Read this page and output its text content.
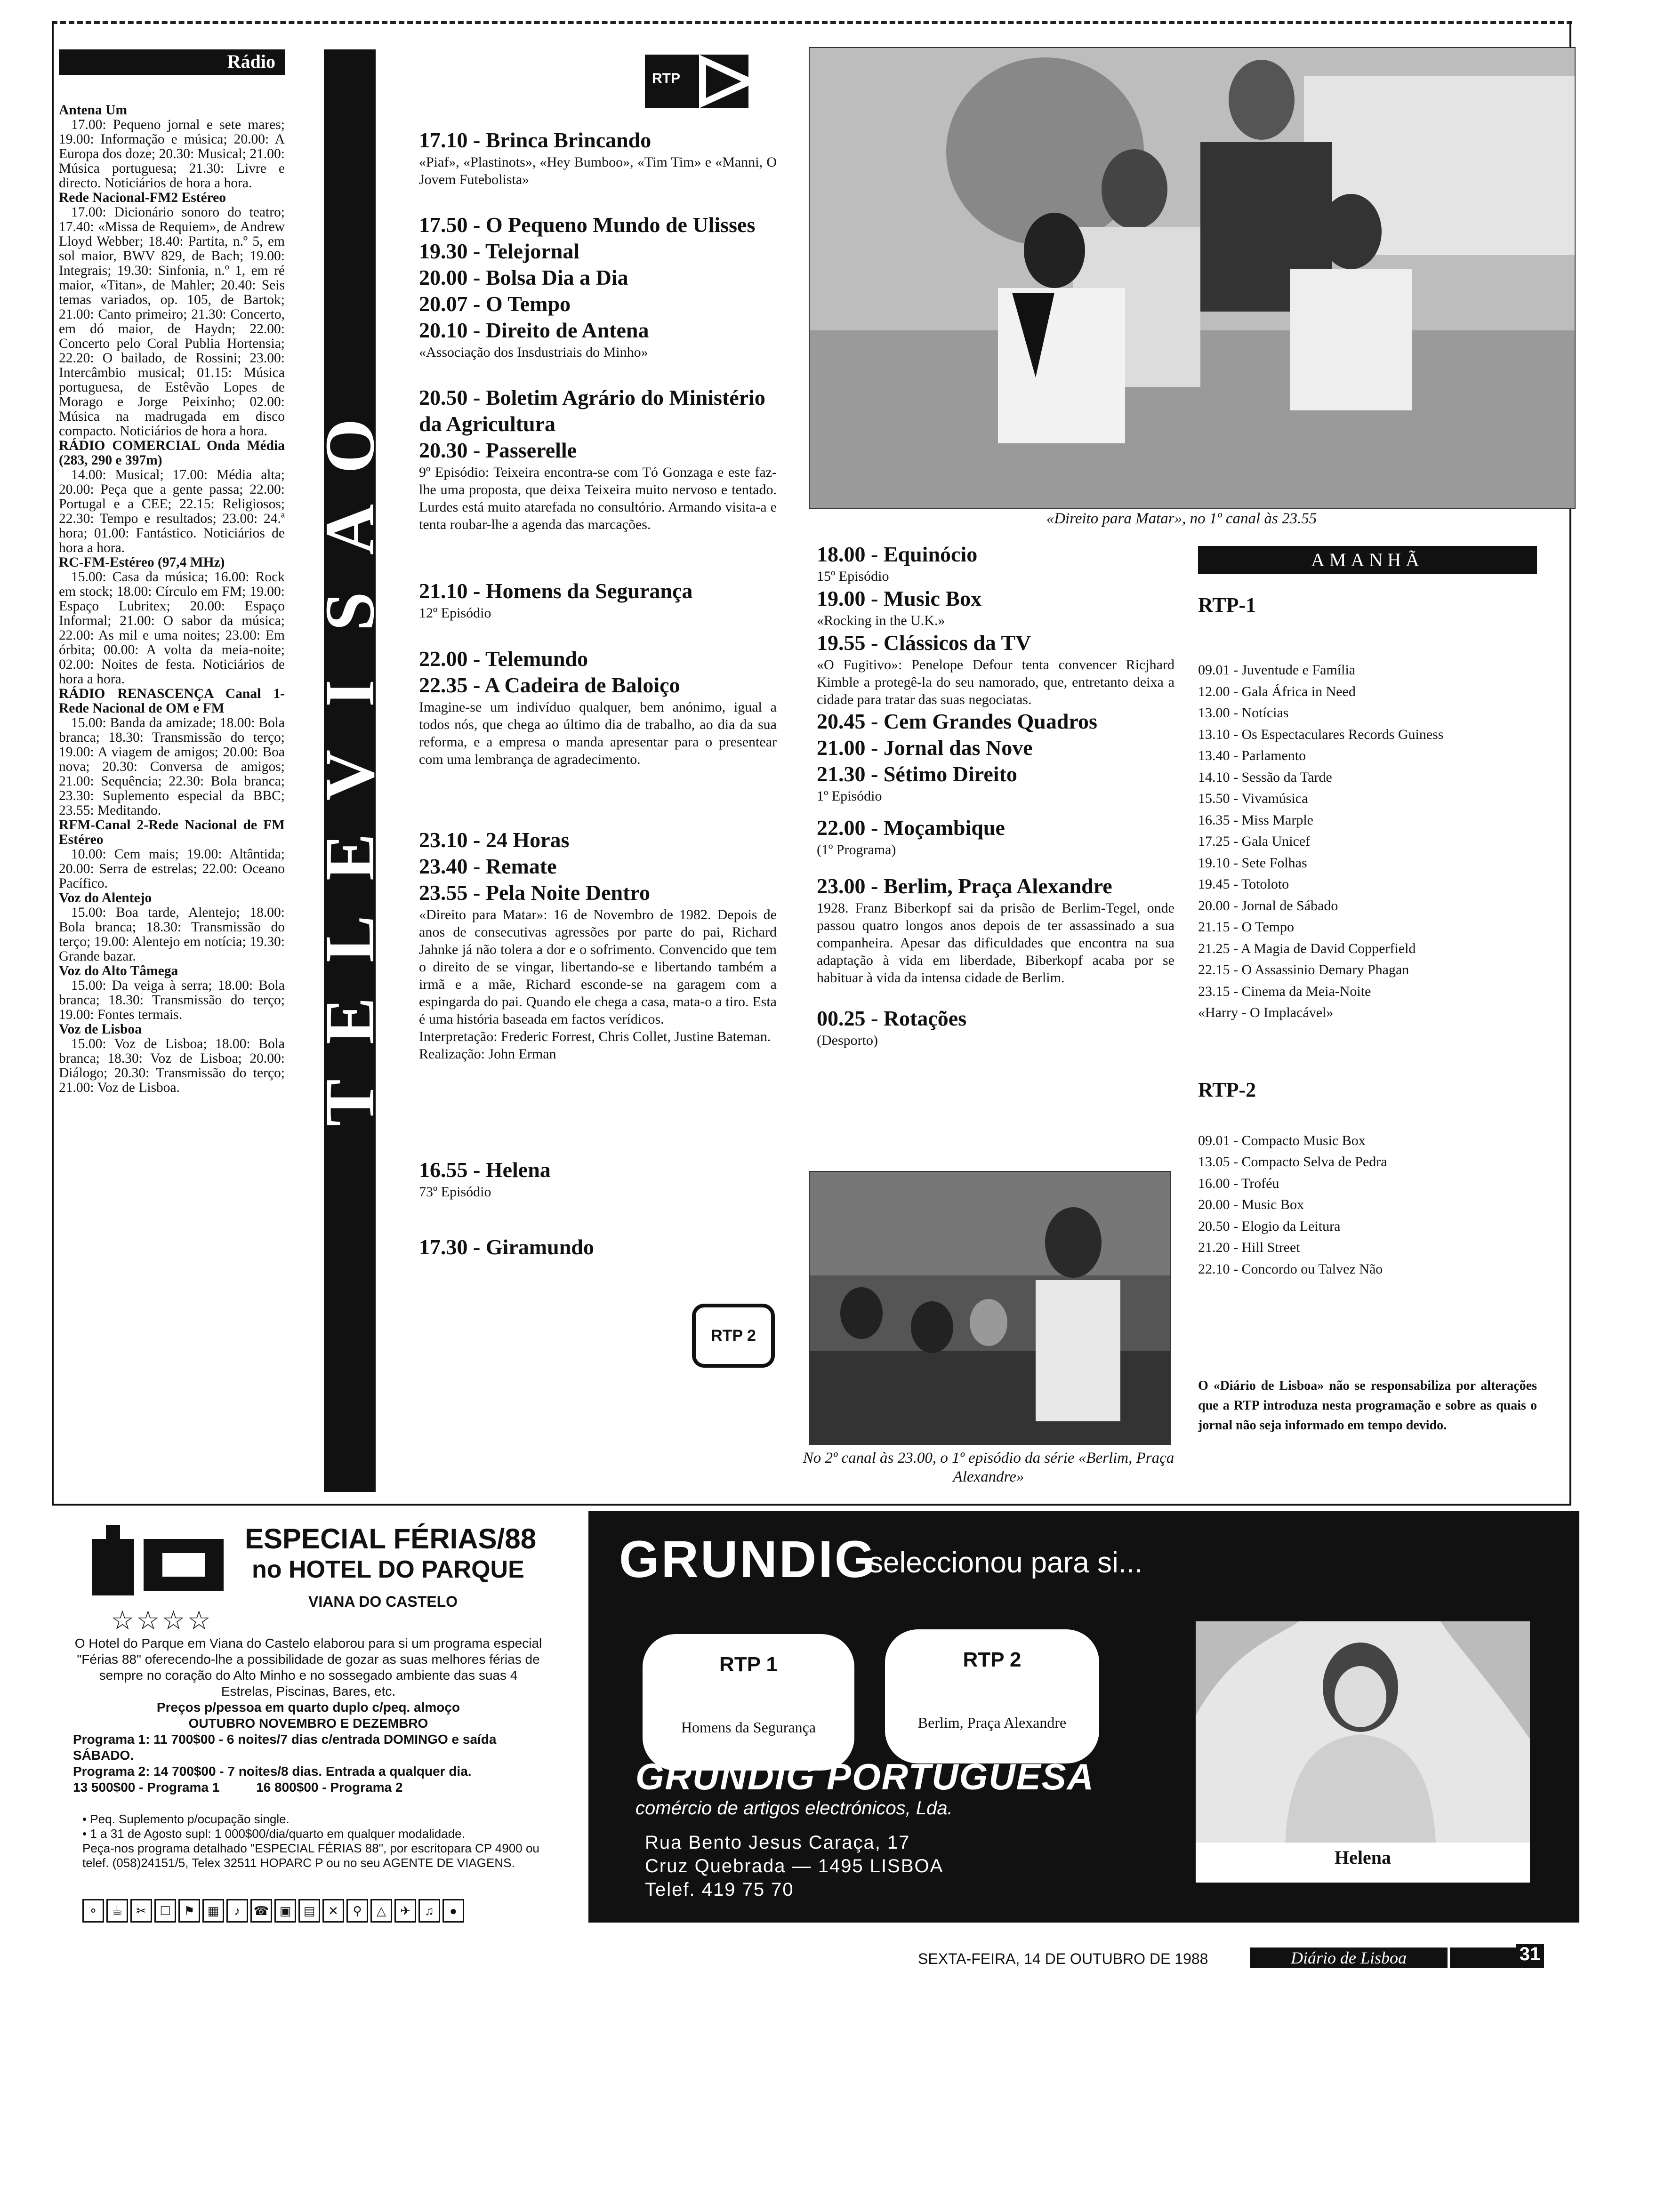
Rádio
Antena Um

17.00: Pequeno jornal e sete mares; 19.00: Informação e música; 20.00: A Europa dos doze; 20.30: Musical; 21.00: Música portuguesa; 21.30: Livre e directo. Noticiários de hora a hora.

Rede Nacional-FM2 Estéreo

17.00: Dicionário sonoro do teatro; 17.40: «Missa de Requiem», de Andrew Lloyd Webber; 18.40: Partita, n.º 5, em sol maior, BWV 829, de Bach; 19.00: Integrais; 19.30: Sinfonia, n.º 1, em ré maior, «Titan», de Mahler; 20.40: Seis temas variados, op. 105, de Bartok; 21.00: Canto primeiro; 21.30: Concerto, em dó maior, de Haydn; 22.00: Concerto pelo Coral Publia Hortensia; 22.20: O bailado, de Rossini; 23.00: Intercâmbio musical; 01.15: Música portuguesa, de Estêvão Lopes de Morago e Jorge Peixinho; 02.00: Música na madrugada em disco compacto. Noticiários de hora a hora.

RÁDIO COMERCIAL Onda Média (283, 290 e 397m)

14.00: Musical; 17.00: Média alta; 20.00: Peça que a gente passa; 22.00: Portugal e a CEE; 22.15: Religiosos; 22.30: Tempo e resultados; 23.00: 24.ª hora; 01.00: Fantástico. Noticiários de hora a hora.

RC-FM-Estéreo (97,4 MHz)

15.00: Casa da música; 16.00: Rock em stock; 18.00: Círculo em FM; 19.00: Espaço Lubritex; 20.00: Espaço Informal; 21.00: O sabor da música; 22.00: As mil e uma noites; 23.00: Em órbita; 00.00: A volta da meia-noite; 02.00: Noites de festa. Noticiários de hora a hora.

RÁDIO RENASCENÇA Canal 1-Rede Nacional de OM e FM

15.00: Banda da amizade; 18.00: Bola branca; 18.30: Transmissão do terço; 19.00: A viagem de amigos; 20.00: Boa nova; 20.30: Conversa de amigos; 21.00: Sequência; 22.30: Bola branca; 23.30: Suplemento especial da BBC; 23.55: Meditando.

RFM-Canal 2-Rede Nacional de FM Estéreo

10.00: Cem mais; 19.00: Altântida; 20.00: Serra de estrelas; 22.00: Oceano Pacífico.

Voz do Alentejo

15.00: Boa tarde, Alentejo; 18.00: Bola branca; 18.30: Transmissão do terço; 19.00: Alentejo em notícia; 19.30: Grande bazar.

Voz do Alto Tâmega

15.00: Da veiga à serra; 18.00: Bola branca; 18.30: Transmissão do terço; 19.00: Fontes termais.

Voz de Lisboa

15.00: Voz de Lisboa; 18.00: Bola branca; 18.30: Voz de Lisboa; 20.00: Diálogo; 20.30: Transmissão do terço; 21.00: Voz de Lisboa.

O
Ã
S
I
V
E
L
E
T
RTP
17.10 - Brinca Brincando
«Piaf», «Plastinots», «Hey Bumboo», «Tim Tim» e «Manni, O Jovem Futebolista»
17.50 - O Pequeno Mundo de Ulisses
19.30 - Telejornal
20.00 - Bolsa Dia a Dia
20.07 - O Tempo
20.10 - Direito de Antena
«Associação dos Insdustriais do Minho»
20.50 - Boletim Agrário do Ministério da Agricultura
20.30 - Passerelle
9º Episódio: Teixeira encontra-se com Tó Gonzaga e este faz-lhe uma proposta, que deixa Teixeira muito nervoso e tentado. Lurdes está muito atarefada no consultório. Armando visita-a e tenta roubar-lhe a agenda das marcações.
21.10 - Homens da Segurança
12º Episódio
22.00 - Telemundo
22.35 - A Cadeira de Baloiço
Imagine-se um indivíduo qualquer, bem anónimo, igual a todos nós, que chega ao último dia de trabalho, ao dia da sua reforma, e a empresa o manda apresentar para o presentear com uma lembrança de agradecimento.
23.10 - 24 Horas
23.40 - Remate
23.55 - Pela Noite Dentro
«Direito para Matar»: 16 de Novembro de 1982. Depois de anos de consecutivas agressões por parte do pai, Richard Jahnke já não tolera a dor e o sofrimento. Convencido que tem o direito de se vingar, libertando-se e libertando também a irmã e a mãe, Richard esconde-se na garagem com a espingarda do pai. Quando ele chega a casa, mata-o a tiro. Esta é uma história baseada em factos verídicos.
Interpretação: Frederic Forrest, Chris Collet, Justine Bateman.
Realização: John Erman
16.55 - Helena
73º Episódio
17.30 - Giramundo
RTP 2
«Direito para Matar», no 1º canal às 23.55
18.00 - Equinócio
15º Episódio
19.00 - Music Box
«Rocking in the U.K.»
19.55 - Clássicos da TV
«O Fugitivo»: Penelope Defour tenta convencer Ricjhard Kimble a protegê-la do seu namorado, que, entretanto deixa a cidade para tratar das suas negociatas.
20.45 - Cem Grandes Quadros
21.00 - Jornal das Nove
21.30 - Sétimo Direito
1º Episódio
22.00 - Moçambique
(1º Programa)
23.00 - Berlim, Praça Alexandre
1928. Franz Biberkopf sai da prisão de Berlim-Tegel, onde passou quatro longos anos depois de ter assassinado a sua companheira. Apesar das dificuldades que encontra na sua adaptação à vida em liberdade, Biberkopf acaba por se habituar à vida da intensa cidade de Berlim.
00.25 - Rotações
(Desporto)
No 2º canal às 23.00, o 1º episódio da série «Berlim, Praça Alexandre»
AMANHÃ
RTP-1
09.01 - Juventude e Família
12.00 - Gala África in Need
13.00 - Notícias
13.10 - Os Espectaculares Records Guiness
13.40 - Parlamento
14.10 - Sessão da Tarde
15.50 - Vivamúsica
16.35 - Miss Marple
17.25 - Gala Unicef
19.10 - Sete Folhas
19.45 - Totoloto
20.00 - Jornal de Sábado
21.15 - O Tempo
21.25 - A Magia de David Copperfield
22.15 - O Assassinio Demary Phagan
23.15 - Cinema da Meia-Noite
«Harry - O Implacável»
RTP-2
09.01 - Compacto Music Box
13.05 - Compacto Selva de Pedra
16.00 - Troféu
20.00 - Music Box
20.50 - Elogio da Leitura
21.20 - Hill Street
22.10 - Concordo ou Talvez Não
O «Diário de Lisboa» não se responsabiliza por alterações que a RTP introduza nesta programação e sobre as quais o jornal não seja informado em tempo devido.
☆☆☆☆
ESPECIAL FÉRIAS/88
no HOTEL DO PARQUE
VIANA DO CASTELO
O Hotel do Parque em Viana do Castelo elaborou para si um programa especial "Férias 88" oferecendo-lhe a possibilidade de gozar as suas melhores férias de sempre no coração do Alto Minho e no sossegado ambiente das suas 4 Estrelas, Piscinas, Bares, etc.
Preços p/pessoa em quarto duplo c/peq. almoço
OUTUBRO NOVEMBRO E DEZEMBRO
Programa 1: 11 700$00 - 6 noites/7 dias c/entrada DOMINGO e saída SÁBADO.
Programa 2: 14 700$00 - 7 noites/8 dias. Entrada a qualquer dia.
13 500$00 - Programa 1          16 800$00 - Programa 2
• Peq. Suplemento p/ocupação single.
• 1 a 31 de Agosto supl: 1 000$00/dia/quarto em qualquer modalidade.
Peça-nos programa detalhado "ESPECIAL FÉRIAS 88", por escritopara CP 4900 ou telef. (058)24151/5, Telex 32511 HOPARC P ou no seu AGENTE DE VIAGENS.
⚬	☕	✂	☐	⚑	▦	♪	☎ ▣	▤	✕	⚲	△	✈	♫	●
GRUNDIG
seleccionou para si...
RTP 1
Homens da Segurança
RTP 2
Berlim, Praça Alexandre
GRUNDIG PORTUGUESA
comércio de artigos electrónicos, Lda.
Rua Bento Jesus Caraça, 17
Cruz Quebrada — 1495 LISBOA
Telef. 419 75 70
Helena
SEXTA-FEIRA, 14 DE OUTUBRO DE 1988	Diário de Lisboa	31
